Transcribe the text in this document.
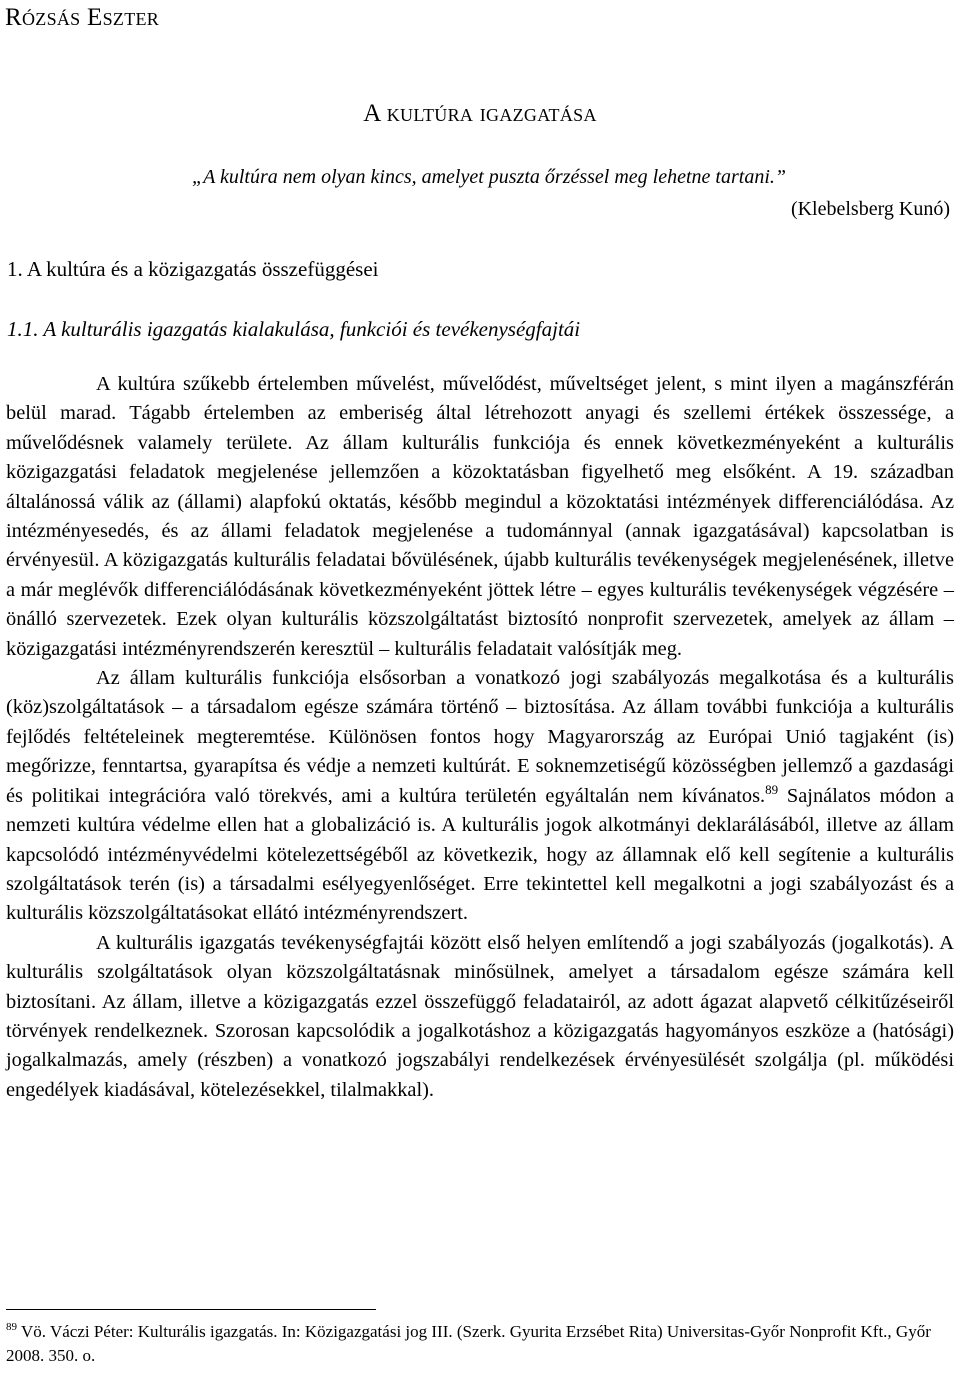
Rózsás Eszter
A kultúra igazgatása
„A kultúra nem olyan kincs, amelyet puszta őrzéssel meg lehetne tartani.”
(Klebelsberg Kunó)
1. A kultúra és a közigazgatás összefüggései
1.1. A kulturális igazgatás kialakulása, funkciói és tevékenységfajtái

A kultúra szűkebb értelemben művelést, művelődést, műveltséget jelent, s mint ilyen a magánszférán belül marad. Tágabb értelemben az emberiség által létrehozott anyagi és szellemi értékek összessége, a művelődésnek valamely területe. Az állam kulturális funkciója és ennek következményeként a kulturális közigazgatási feladatok megjelenése jellemzően a közoktatásban figyelhető meg elsőként. A 19. században általánossá válik az (állami) alapfokú oktatás, később megindul a közoktatási intézmények differenciálódása. Az intézményesedés, és az állami feladatok megjelenése a tudománnyal (annak igazgatásával) kapcsolatban is érvényesül. A közigazgatás kulturális feladatai bővülésének, újabb kulturális tevékenységek megjelenésének, illetve a már meglévők differenciálódásának következményeként jöttek létre – egyes kulturális tevékenységek végzésére – önálló szervezetek. Ezek olyan kulturális közszolgáltatást biztosító nonprofit szervezetek, amelyek az állam – közigazgatási intézményrendszerén keresztül – kulturális feladatait valósítják meg.

Az állam kulturális funkciója elsősorban a vonatkozó jogi szabályozás megalkotása és a kulturális (köz)szolgáltatások – a társadalom egésze számára történő – biztosítása. Az állam további funkciója a kulturális fejlődés feltételeinek megteremtése. Különösen fontos hogy Magyarország az Európai Unió tagjaként (is) megőrizze, fenntartsa, gyarapítsa és védje a nemzeti kultúrát. E soknemzetiségű közösségben jellemző a gazdasági és politikai integrációra való törekvés, ami a kultúra területén egyáltalán nem kívánatos.$^{89}$ Sajnálatos módon a nemzeti kultúra védelme ellen hat a globalizáció is. A kulturális jogok alkotmányi deklarálásából, illetve az állam kapcsolódó intézményvédelmi kötelezettségéből az következik, hogy az államnak elő kell segítenie a kulturális szolgáltatások terén (is) a társadalmi esélyegyenlőséget. Erre tekintettel kell megalkotni a jogi szabályozást és a kulturális közszolgáltatásokat ellátó intézményrendszert.

A kulturális igazgatás tevékenységfajtái között első helyen említendő a jogi szabályozás (jogalkotás). A kulturális szolgáltatások olyan közszolgáltatásnak minősülnek, amelyet a társadalom egésze számára kell biztosítani. Az állam, illetve a közigazgatás ezzel összefüggő feladatairól, az adott ágazat alapvető célkitűzéseiről törvények rendelkeznek. Szorosan kapcsolódik a jogalkotáshoz a közigazgatás hagyományos eszköze a (hatósági) jogalkalmazás, amely (részben) a vonatkozó jogszabályi rendelkezések érvényesülését szolgálja (pl. működési engedélyek kiadásával, kötelezésekkel, tilalmakkal).

$^{89}$ Vö. Váczi Péter: Kulturális igazgatás. In: Közigazgatási jog III. (Szerk. Gyurita Erzsébet Rita) Universitas-Győr Nonprofit Kft., Győr 2008. 350. o.
